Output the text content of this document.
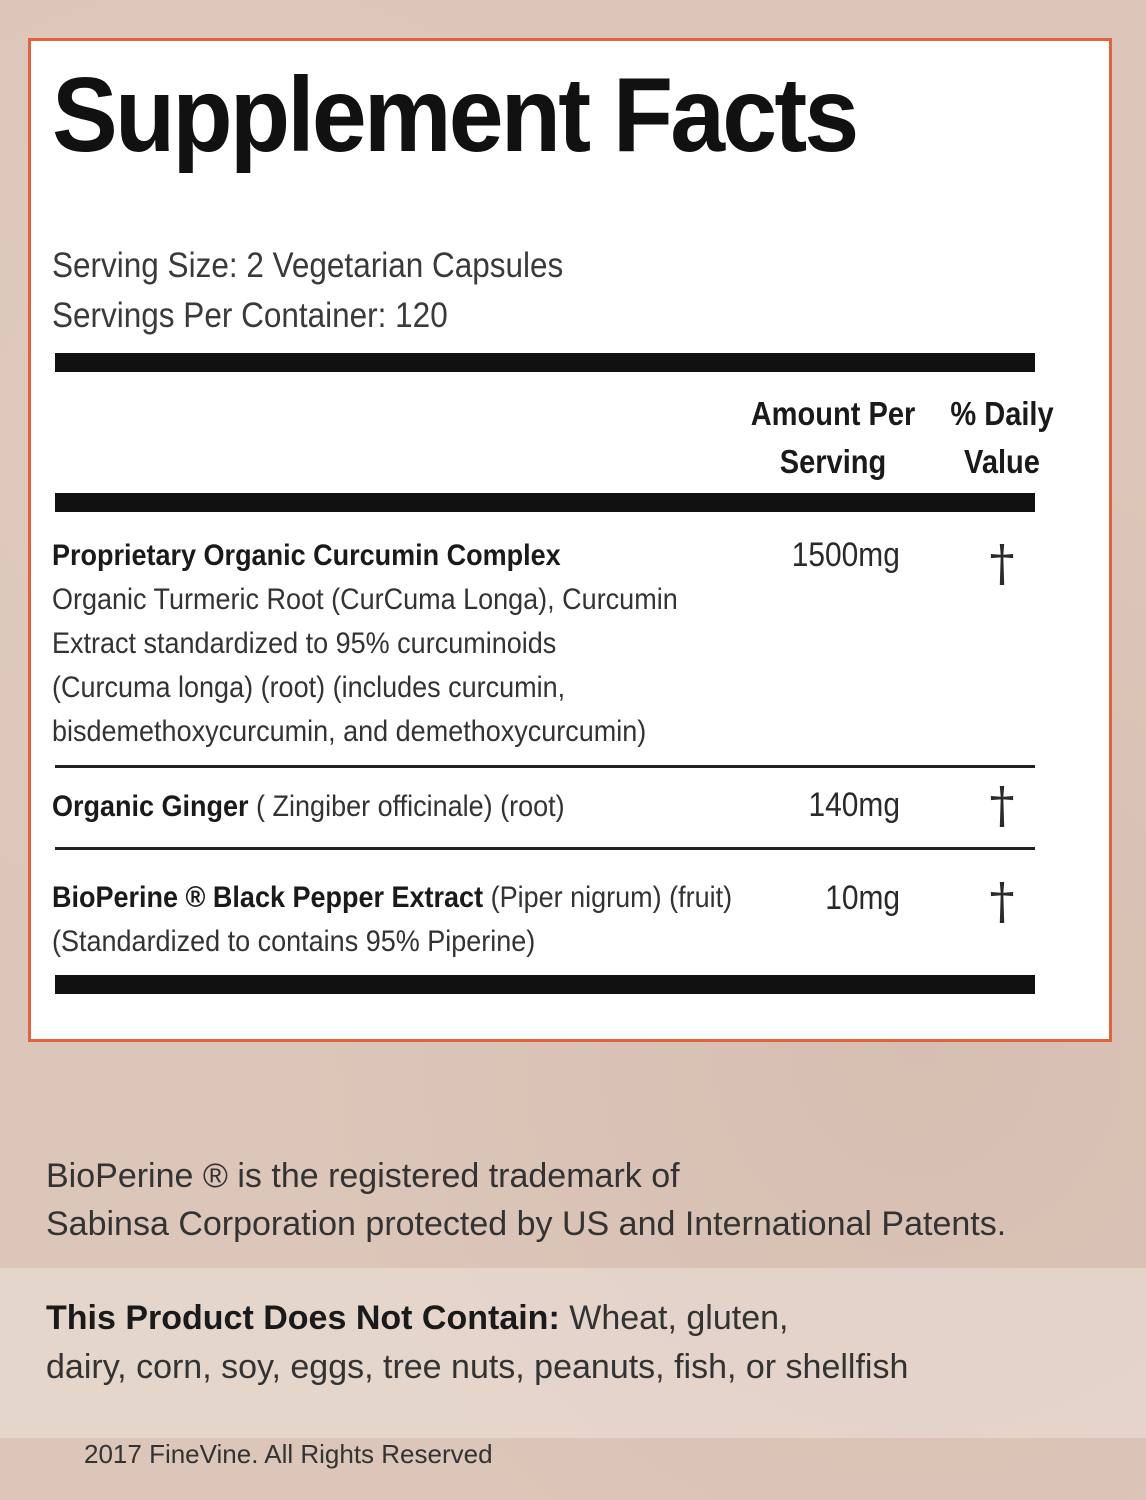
Supplement Facts
Serving Size: 2 Vegetarian Capsules
Servings Per Container: 120
Amount Per
Serving
% Daily
Value
Proprietary Organic Curcumin Complex
Organic Turmeric Root (CurCuma Longa), Curcumin
Extract standardized to 95% curcuminoids
(Curcuma longa) (root) (includes curcumin,
bisdemethoxycurcumin, and demethoxycurcumin)
1500mg †
Organic Ginger ( Zingiber officinale) (root)	140mg †
BioPerine ® Black Pepper Extract (Piper nigrum) (fruit)
(Standardized to contains 95% Piperine)
10mg †
BioPerine ® is the registered trademark of
Sabinsa Corporation protected by US and International Patents.
This Product Does Not Contain: Wheat, gluten,
dairy, corn, soy, eggs, tree nuts, peanuts, fish, or shellfish
2017 FineVine. All Rights Reserved
